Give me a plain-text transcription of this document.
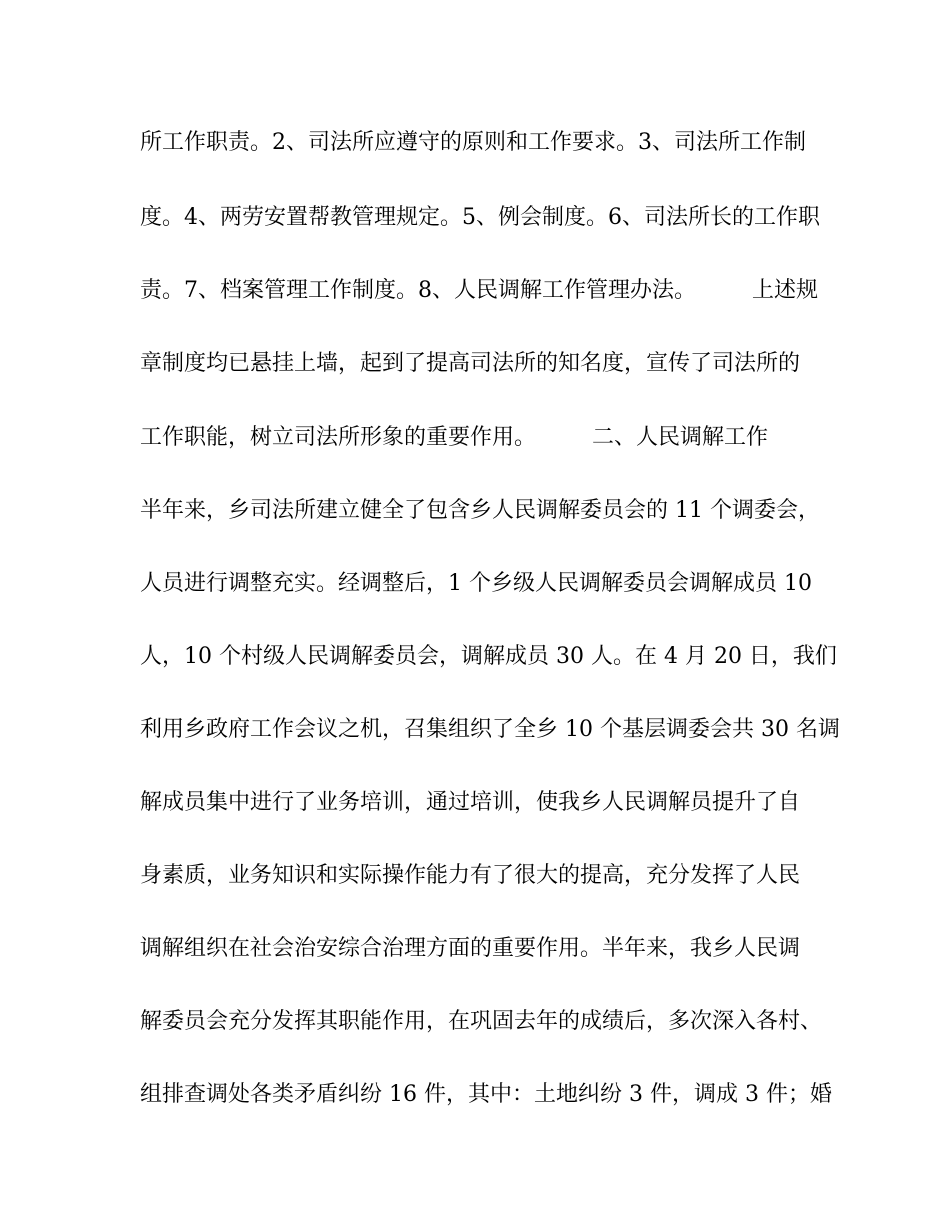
所工作职责。2、司法所应遵守的原则和工作要求。3、司法所工作制

度。4、两劳安置帮教管理规定。5、例会制度。6、司法所长的工作职

责。7、档案管理工作制度。8、人民调解工作管理办法。        上述规

章制度均已悬挂上墙，起到了提高司法所的知名度，宣传了司法所的

工作职能，树立司法所形象的重要作用。        二、人民调解工作

半年来，乡司法所建立健全了包含乡人民调解委员会的 11 个调委会，

人员进行调整充实。经调整后，1 个乡级人民调解委员会调解成员 10

人，10 个村级人民调解委员会，调解成员 30 人。在 4 月 20 日，我们

利用乡政府工作会议之机，召集组织了全乡 10 个基层调委会共 30 名调

解成员集中进行了业务培训，通过培训，使我乡人民调解员提升了自

身素质，业务知识和实际操作能力有了很大的提高，充分发挥了人民

调解组织在社会治安综合治理方面的重要作用。半年来，我乡人民调

解委员会充分发挥其职能作用，在巩固去年的成绩后，多次深入各村、

组排查调处各类矛盾纠纷 16 件，其中：土地纠纷 3 件，调成 3 件；婚
